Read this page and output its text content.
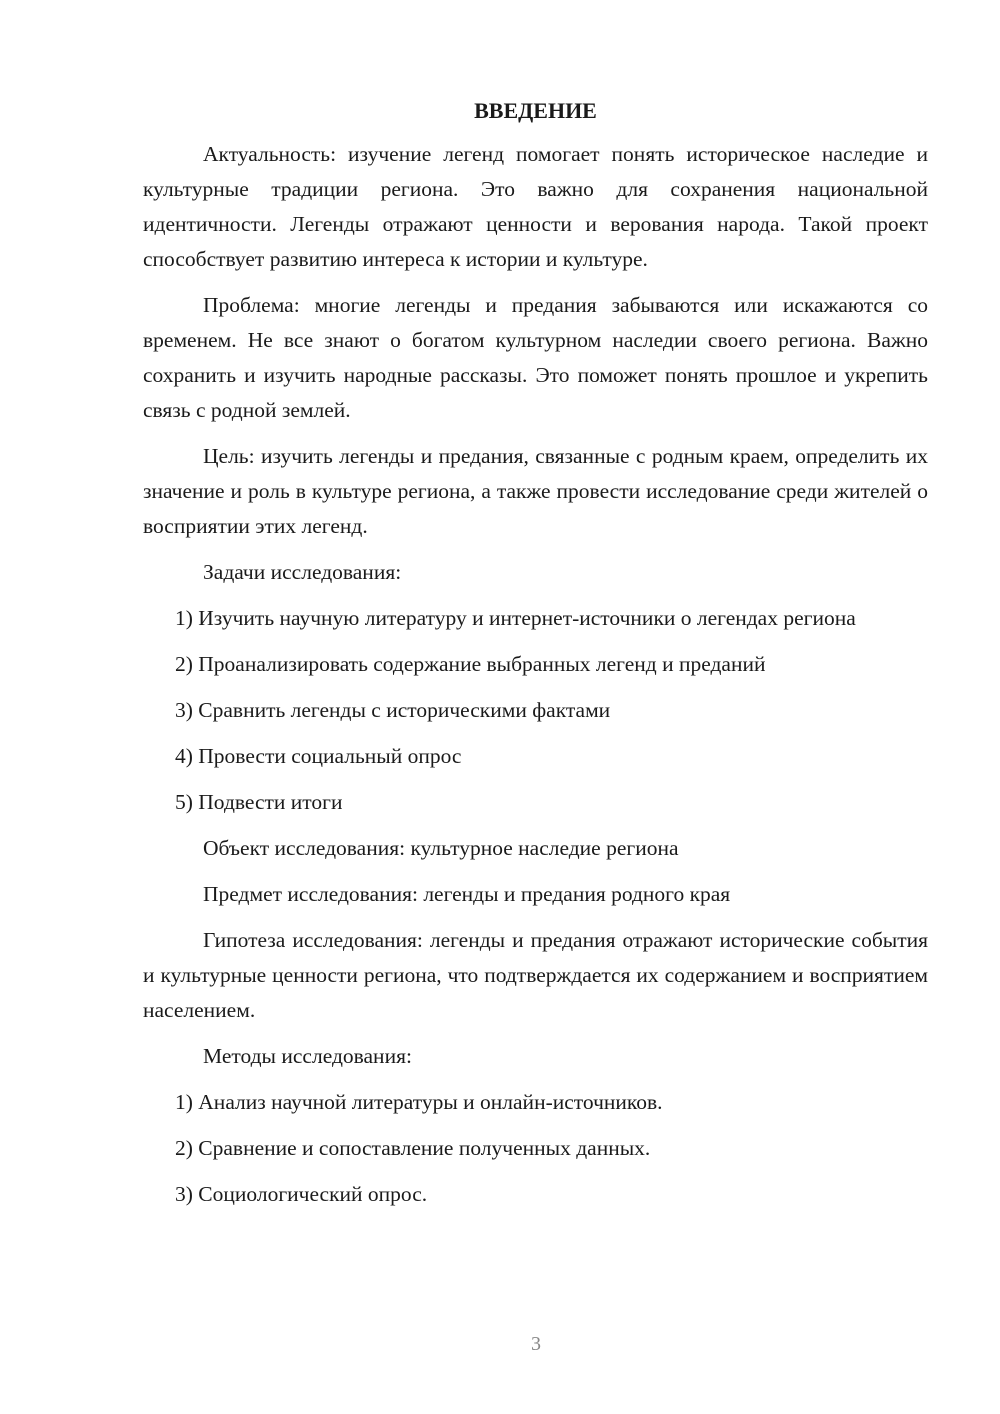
ВВЕДЕНИЕ

Актуальность: изучение легенд помогает понять историческое наследие и культурные традиции региона. Это важно для сохранения национальной идентичности. Легенды отражают ценности и верования народа. Такой проект способствует развитию интереса к истории и культуре.

Проблема: многие легенды и предания забываются или искажаются со временем. Не все знают о богатом культурном наследии своего региона. Важно сохранить и изучить народные рассказы. Это поможет понять прошлое и укрепить связь с родной землей.

Цель: изучить легенды и предания, связанные с родным краем, определить их значение и роль в культуре региона, а также провести исследование среди жителей о восприятии этих легенд.

Задачи исследования:

1) Изучить научную литературу и интернет-источники о легендах региона

2) Проанализировать содержание выбранных легенд и преданий

3) Сравнить легенды с историческими фактами

4) Провести социальный опрос

5) Подвести итоги

Объект исследования: культурное наследие региона

Предмет исследования: легенды и предания родного края

Гипотеза исследования: легенды и предания отражают исторические события и культурные ценности региона, что подтверждается их содержанием и восприятием населением.

Методы исследования:

1) Анализ научной литературы и онлайн-источников.

2) Сравнение и сопоставление полученных данных.

3) Социологический опрос.

3
